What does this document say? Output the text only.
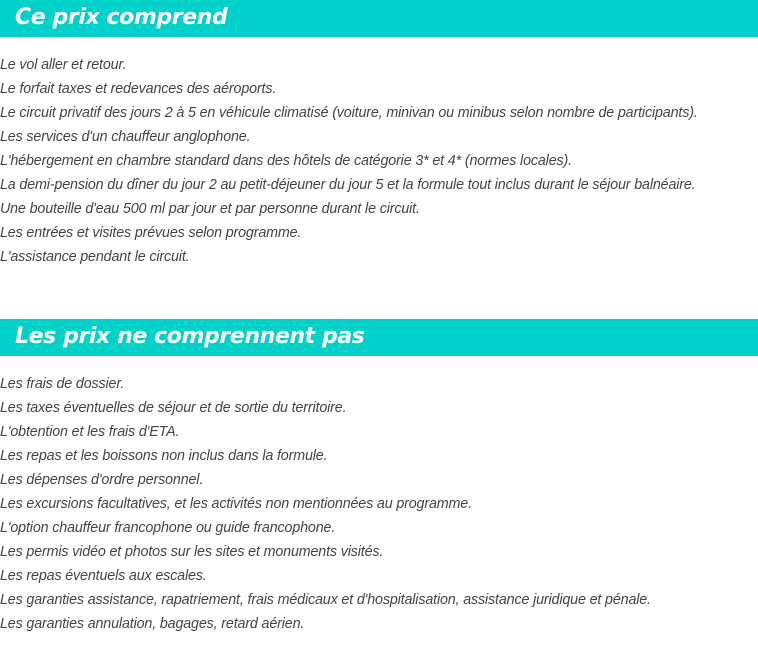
Ce prix comprend
Le vol aller et retour.
Le forfait taxes et redevances des aéroports.
Le circuit privatif des jours 2 à 5 en véhicule climatisé (voiture, minivan ou minibus selon nombre de participants).
Les services d'un chauffeur anglophone.
L'hébergement en chambre standard dans des hôtels de catégorie 3* et 4* (normes locales).
La demi-pension du dîner du jour 2 au petit-déjeuner du jour 5 et la formule tout inclus durant le séjour balnéaire.
Une bouteille d'eau 500 ml par jour et par personne durant le circuit.
Les entrées et visites prévues selon programme.
L'assistance pendant le circuit.
Les prix ne comprennent pas
Les frais de dossier.
Les taxes éventuelles de séjour et de sortie du territoire.
L'obtention et les frais d'ETA.
Les repas et les boissons non inclus dans la formule.
Les dépenses d'ordre personnel.
Les excursions facultatives, et les activités non mentionnées au programme.
L'option chauffeur francophone ou guide francophone.
Les permis vidéo et photos sur les sites et monuments visités.
Les repas éventuels aux escales.
Les garanties assistance, rapatriement, frais médicaux et d'hospitalisation, assistance juridique et pénale.
Les garanties annulation, bagages, retard aérien.
